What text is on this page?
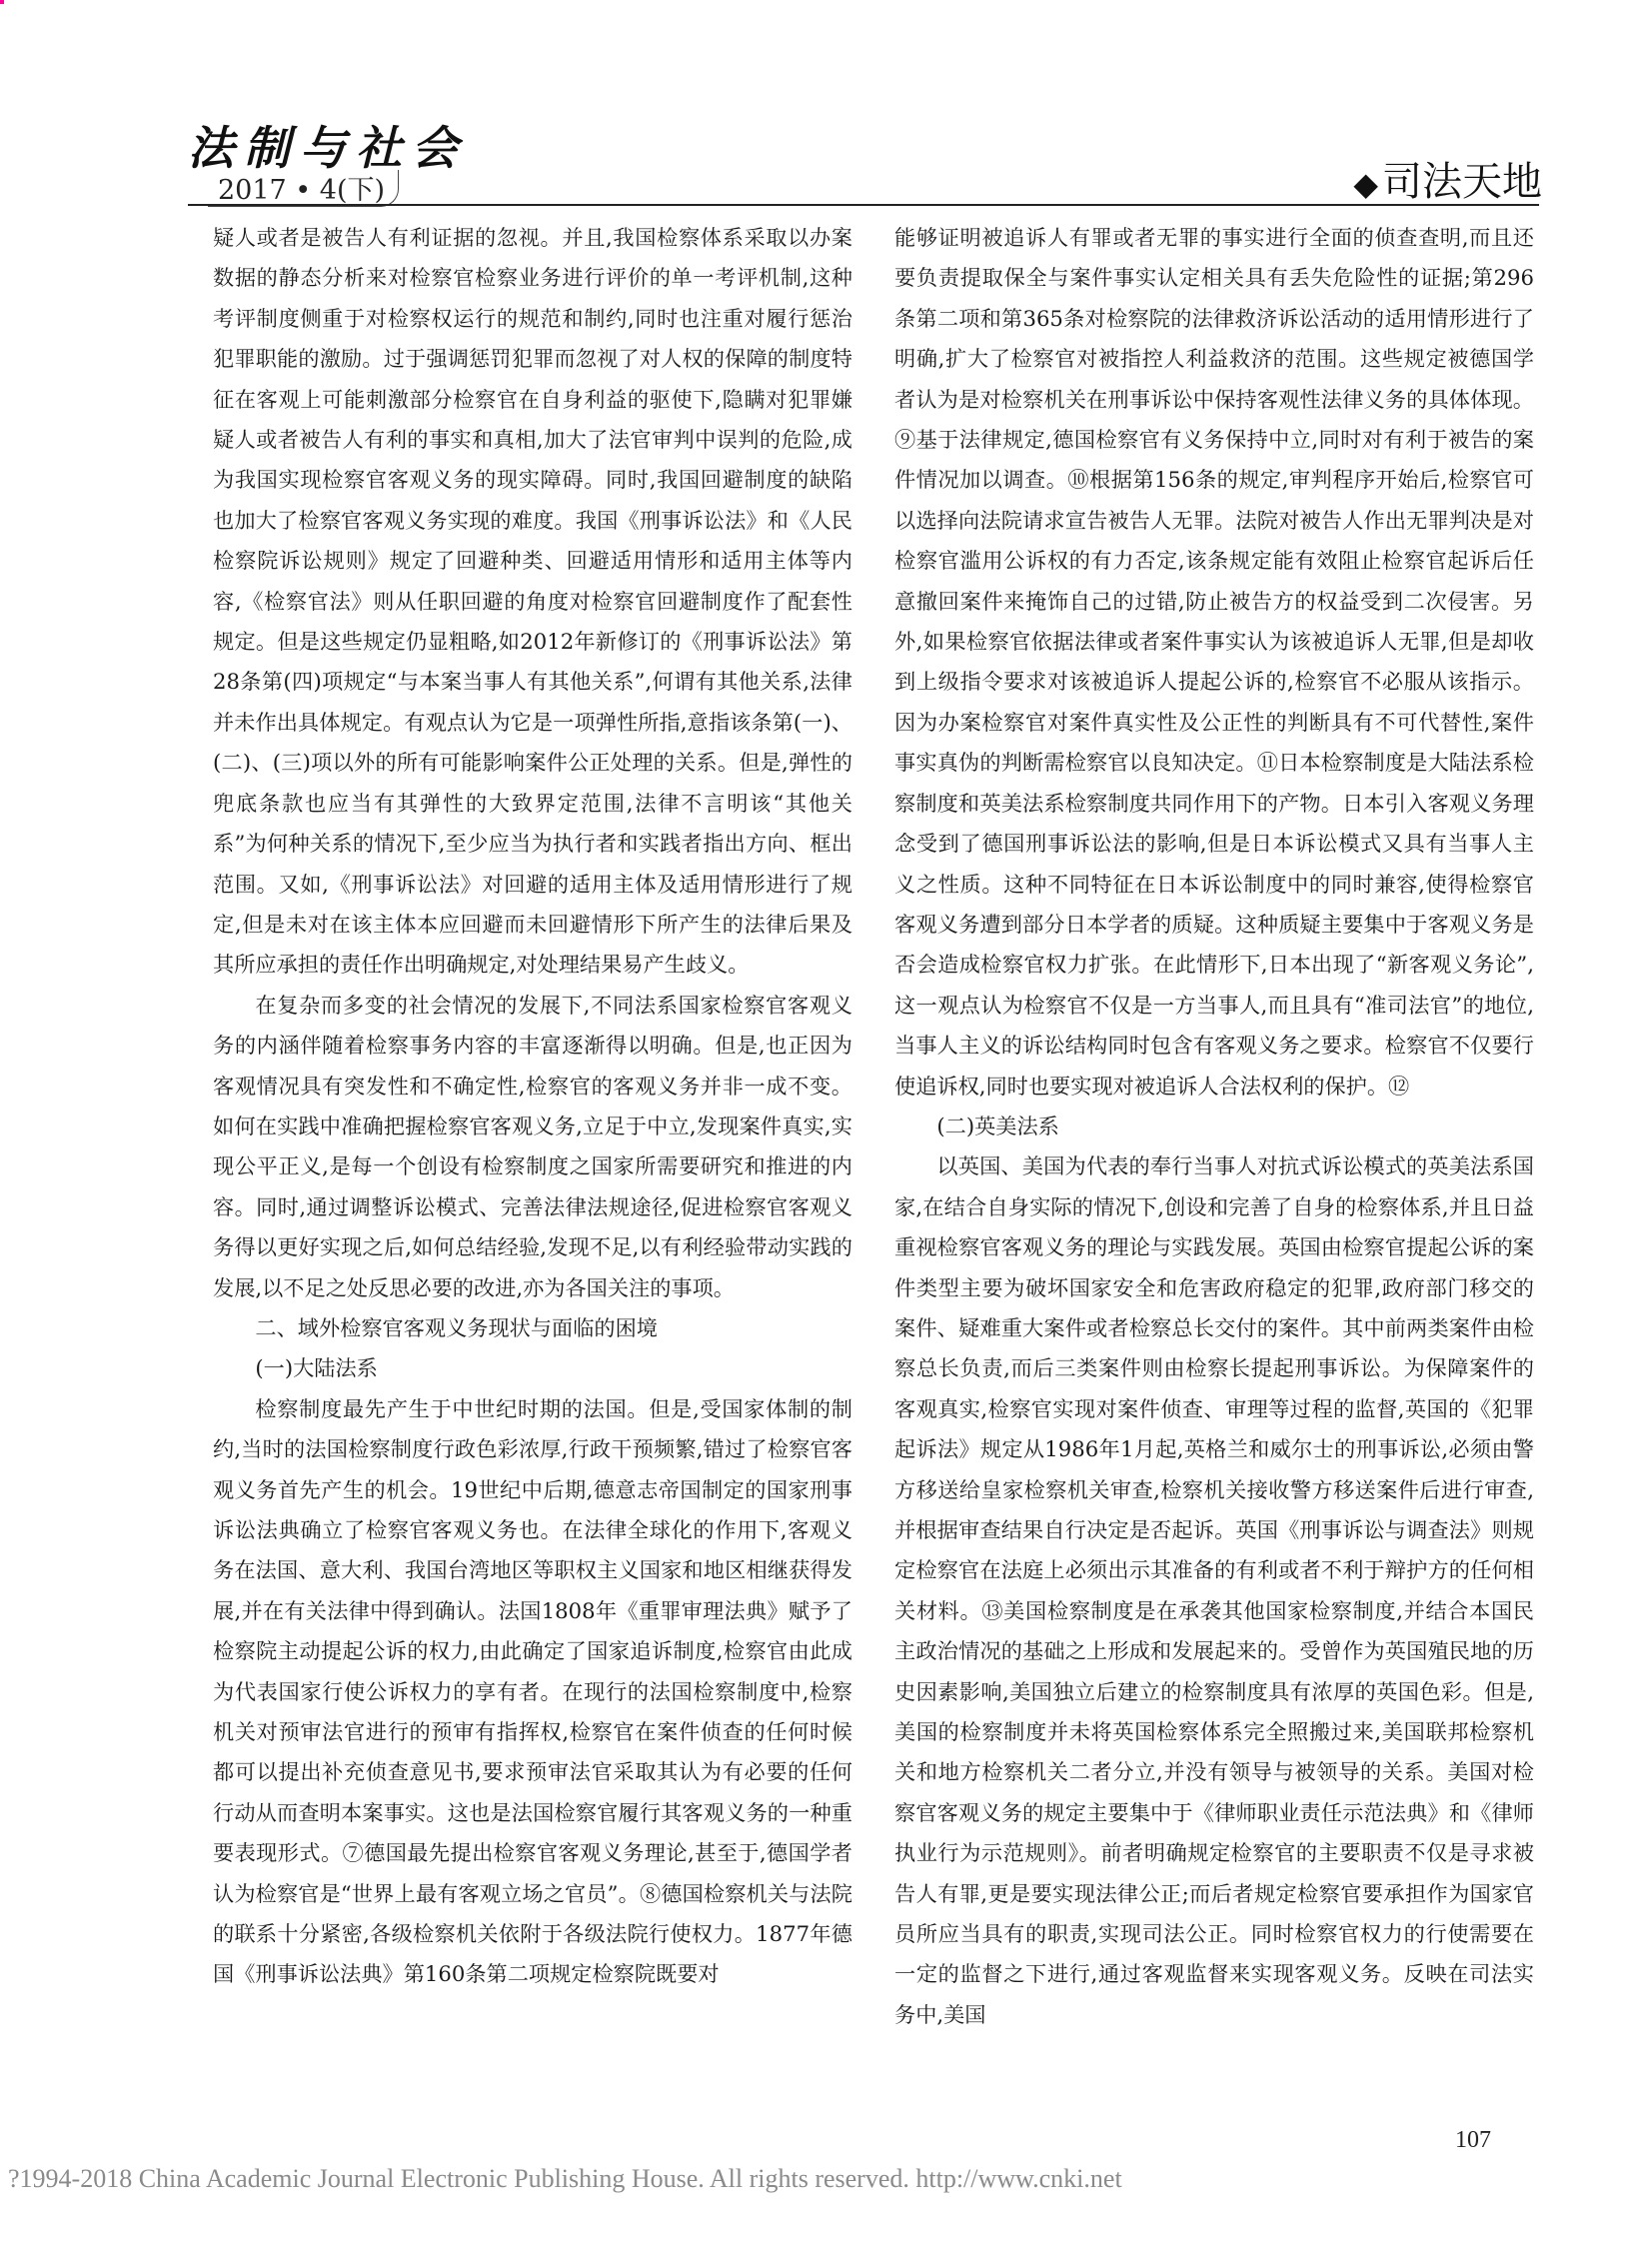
法制与社会
2017 • 4(下)	◆ 司法天地

疑人或者是被告人有利证据的忽视。并且,我国检察体系采取以办案数据的静态分析来对检察官检察业务进行评价的单一考评机制,这种考评制度侧重于对检察权运行的规范和制约,同时也注重对履行惩治犯罪职能的激励。过于强调惩罚犯罪而忽视了对人权的保障的制度特征在客观上可能刺激部分检察官在自身利益的驱使下,隐瞒对犯罪嫌疑人或者被告人有利的事实和真相,加大了法官审判中误判的危险,成为我国实现检察官客观义务的现实障碍。同时,我国回避制度的缺陷也加大了检察官客观义务实现的难度。我国《刑事诉讼法》和《人民检察院诉讼规则》规定了回避种类、回避适用情形和适用主体等内容,《检察官法》则从任职回避的角度对检察官回避制度作了配套性规定。但是这些规定仍显粗略,如2012年新修订的《刑事诉讼法》第28条第(四)项规定“与本案当事人有其他关系”,何谓有其他关系,法律并未作出具体规定。有观点认为它是一项弹性所指,意指该条第(一)、(二)、(三)项以外的所有可能影响案件公正处理的关系。但是,弹性的兜底条款也应当有其弹性的大致界定范围,法律不言明该“其他关系”为何种关系的情况下,至少应当为执行者和实践者指出方向、框出范围。又如,《刑事诉讼法》对回避的适用主体及适用情形进行了规定,但是未对在该主体本应回避而未回避情形下所产生的法律后果及其所应承担的责任作出明确规定,对处理结果易产生歧义。

在复杂而多变的社会情况的发展下,不同法系国家检察官客观义务的内涵伴随着检察事务内容的丰富逐渐得以明确。但是,也正因为客观情况具有突发性和不确定性,检察官的客观义务并非一成不变。如何在实践中准确把握检察官客观义务,立足于中立,发现案件真实,实现公平正义,是每一个创设有检察制度之国家所需要研究和推进的内容。同时,通过调整诉讼模式、完善法律法规途径,促进检察官客观义务得以更好实现之后,如何总结经验,发现不足,以有利经验带动实践的发展,以不足之处反思必要的改进,亦为各国关注的事项。

二、域外检察官客观义务现状与面临的困境

(一)大陆法系

检察制度最先产生于中世纪时期的法国。但是,受国家体制的制约,当时的法国检察制度行政色彩浓厚,行政干预频繁,错过了检察官客观义务首先产生的机会。19世纪中后期,德意志帝国制定的国家刑事诉讼法典确立了检察官客观义务也。在法律全球化的作用下,客观义务在法国、意大利、我国台湾地区等职权主义国家和地区相继获得发展,并在有关法律中得到确认。法国1808年《重罪审理法典》赋予了检察院主动提起公诉的权力,由此确定了国家追诉制度,检察官由此成为代表国家行使公诉权力的享有者。在现行的法国检察制度中,检察机关对预审法官进行的预审有指挥权,检察官在案件侦查的任何时候都可以提出补充侦查意见书,要求预审法官采取其认为有必要的任何行动从而查明本案事实。这也是法国检察官履行其客观义务的一种重要表现形式。⑦德国最先提出检察官客观义务理论,甚至于,德国学者认为检察官是“世界上最有客观立场之官员”。⑧德国检察机关与法院的联系十分紧密,各级检察机关依附于各级法院行使权力。1877年德国《刑事诉讼法典》第160条第二项规定检察院既要对

能够证明被追诉人有罪或者无罪的事实进行全面的侦查查明,而且还要负责提取保全与案件事实认定相关具有丢失危险性的证据;第296条第二项和第365条对检察院的法律救济诉讼活动的适用情形进行了明确,扩大了检察官对被指控人利益救济的范围。这些规定被德国学者认为是对检察机关在刑事诉讼中保持客观性法律义务的具体体现。⑨基于法律规定,德国检察官有义务保持中立,同时对有利于被告的案件情况加以调查。⑩根据第156条的规定,审判程序开始后,检察官可以选择向法院请求宣告被告人无罪。法院对被告人作出无罪判决是对检察官滥用公诉权的有力否定,该条规定能有效阻止检察官起诉后任意撤回案件来掩饰自己的过错,防止被告方的权益受到二次侵害。另外,如果检察官依据法律或者案件事实认为该被追诉人无罪,但是却收到上级指令要求对该被追诉人提起公诉的,检察官不必服从该指示。因为办案检察官对案件真实性及公正性的判断具有不可代替性,案件事实真伪的判断需检察官以良知决定。⑪日本检察制度是大陆法系检察制度和英美法系检察制度共同作用下的产物。日本引入客观义务理念受到了德国刑事诉讼法的影响,但是日本诉讼模式又具有当事人主义之性质。这种不同特征在日本诉讼制度中的同时兼容,使得检察官客观义务遭到部分日本学者的质疑。这种质疑主要集中于客观义务是否会造成检察官权力扩张。在此情形下,日本出现了“新客观义务论”,这一观点认为检察官不仅是一方当事人,而且具有“准司法官”的地位,当事人主义的诉讼结构同时包含有客观义务之要求。检察官不仅要行使追诉权,同时也要实现对被追诉人合法权利的保护。⑫

(二)英美法系

以英国、美国为代表的奉行当事人对抗式诉讼模式的英美法系国家,在结合自身实际的情况下,创设和完善了自身的检察体系,并且日益重视检察官客观义务的理论与实践发展。英国由检察官提起公诉的案件类型主要为破坏国家安全和危害政府稳定的犯罪,政府部门移交的案件、疑难重大案件或者检察总长交付的案件。其中前两类案件由检察总长负责,而后三类案件则由检察长提起刑事诉讼。为保障案件的客观真实,检察官实现对案件侦查、审理等过程的监督,英国的《犯罪起诉法》规定从1986年1月起,英格兰和威尔士的刑事诉讼,必须由警方移送给皇家检察机关审查,检察机关接收警方移送案件后进行审查,并根据审查结果自行决定是否起诉。英国《刑事诉讼与调查法》则规定检察官在法庭上必须出示其准备的有利或者不利于辩护方的任何相关材料。⑬美国检察制度是在承袭其他国家检察制度,并结合本国民主政治情况的基础之上形成和发展起来的。受曾作为英国殖民地的历史因素影响,美国独立后建立的检察制度具有浓厚的英国色彩。但是,美国的检察制度并未将英国检察体系完全照搬过来,美国联邦检察机关和地方检察机关二者分立,并没有领导与被领导的关系。美国对检察官客观义务的规定主要集中于《律师职业责任示范法典》和《律师执业行为示范规则》。前者明确规定检察官的主要职责不仅是寻求被告人有罪,更是要实现法律公正;而后者规定检察官要承担作为国家官员所应当具有的职责,实现司法公正。同时检察官权力的行使需要在一定的监督之下进行,通过客观监督来实现客观义务。反映在司法实务中,美国

107
?1994-2018 China Academic Journal Electronic Publishing House. All rights reserved. http://www.cnki.net
